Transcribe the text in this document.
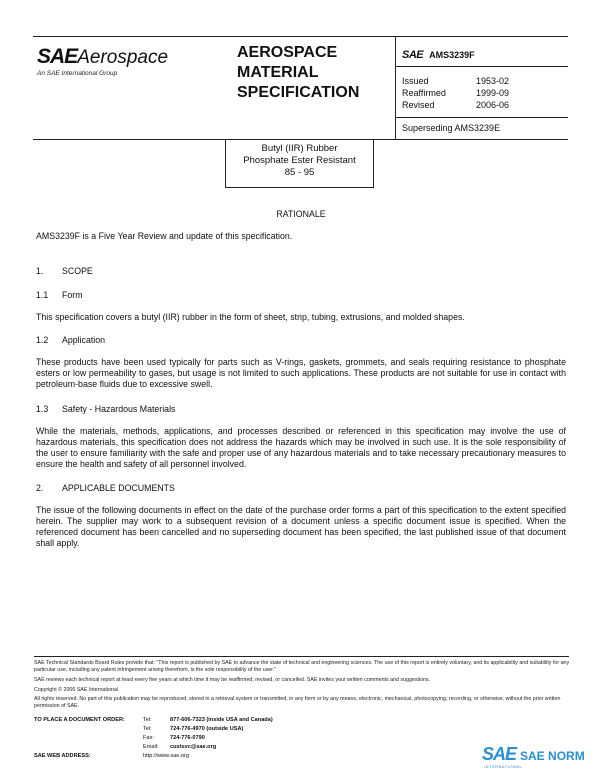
SAEAerospace
An SAE International Group
AEROSPACE
MATERIAL
SPECIFICATION
SAE AMS3239F
Issued	1953-02
Reaffirmed	1999-09
Revised	2006-06
Superseding AMS3239E
Butyl (IIR) Rubber
Phosphate Ester Resistant
85 - 95
RATIONALE
AMS3239F is a Five Year Review and update of this specification.
1. SCOPE
1.1 Form
This specification covers a butyl (IIR) rubber in the form of sheet, strip, tubing, extrusions, and molded shapes.
1.2 Application
These products have been used typically for parts such as V-rings, gaskets, grommets, and seals requiring resistance to phosphate esters or low permeability to gases, but usage is not limited to such applications. These products are not suitable for use in contact with petroleum-base fluids due to excessive swell.
1.3 Safety - Hazardous Materials
While the materials, methods, applications, and processes described or referenced in this specification may involve the use of hazardous materials, this specification does not address the hazards which may be involved in such use. It is the sole responsibility of the user to ensure familiarity with the safe and proper use of any hazardous materials and to take necessary precautionary measures to ensure the health and safety of all personnel involved.
2. APPLICABLE DOCUMENTS
The issue of the following documents in effect on the date of the purchase order forms a part of this specification to the extent specified herein. The supplier may work to a subsequent revision of a document unless a specific document issue is specified. When the referenced document has been cancelled and no superseding document has been specified, the last published issue of that document shall apply.
SAE Technical Standards Board Rules provide that: "This report is published by SAE to advance the state of technical and engineering sciences. The use of this report is entirely voluntary, and its applicability and suitability for any particular use, including any patent infringement arising therefrom, is the sole responsibility of the user."
SAE reviews each technical report at least every five years at which time it may be reaffirmed, revised, or cancelled. SAE invites your written comments and suggestions.
Copyright © 2006 SAE International
All rights reserved. No part of this publication may be reproduced, stored in a retrieval system or transmitted, in any form or by any means, electronic, mechanical, photocopying, recording, or otherwise, without the prior written permission of SAE.
TO PLACE A DOCUMENT ORDER:
SAE WEB ADDRESS:
Tel:	877-606-7323 (inside USA and Canada)
Tel:	724-776-4970 (outside USA)
Fax:	724-776-0790
Email: custsvc@sae.org
http://www.sae.org	SAE SAE NORM
INTERNATIONAL
